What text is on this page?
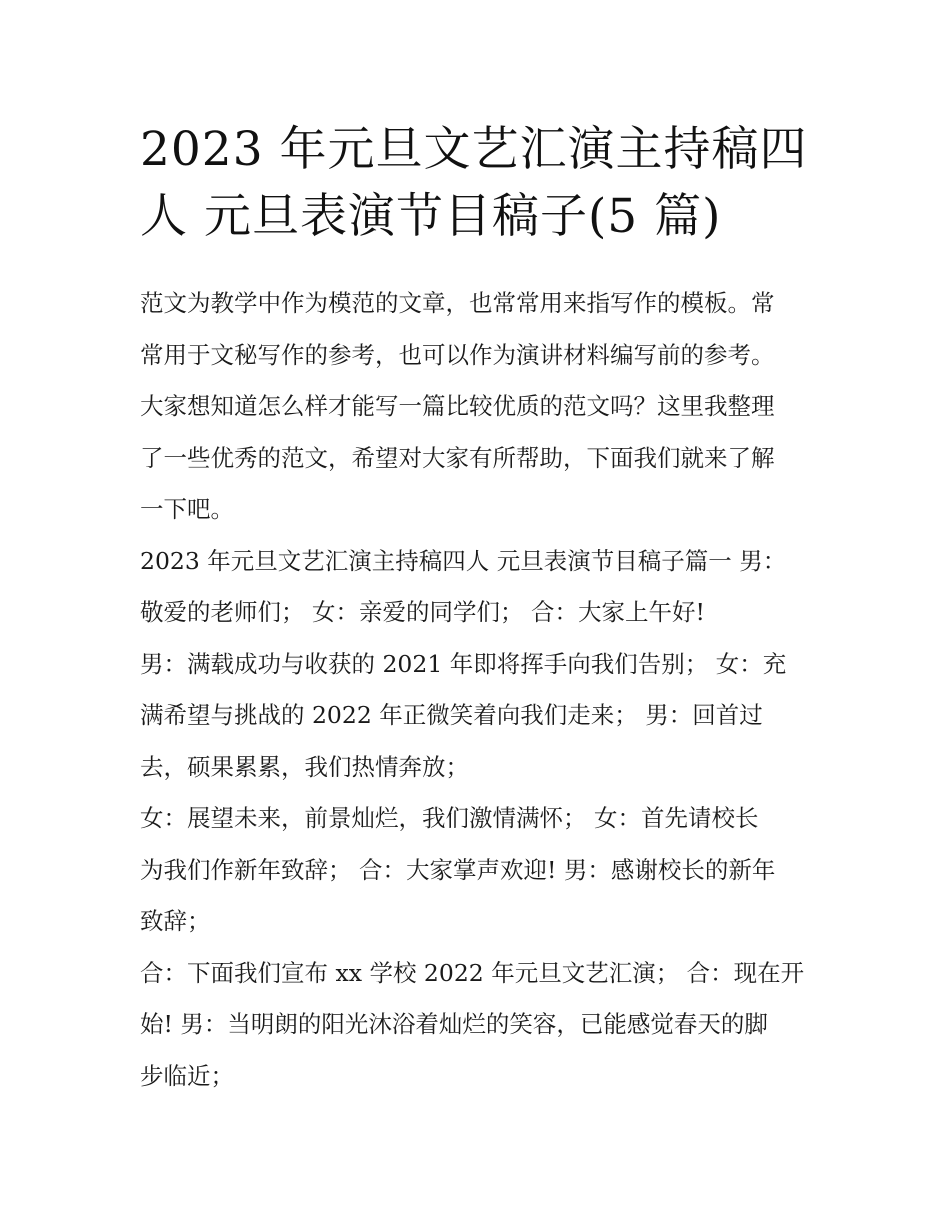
2023 年元旦文艺汇演主持稿四
人 元旦表演节目稿子(5 篇)
范文为教学中作为模范的文章，也常常用来指写作的模板。常
常用于文秘写作的参考，也可以作为演讲材料编写前的参考。
大家想知道怎么样才能写一篇比较优质的范文吗？这里我整理
了一些优秀的范文，希望对大家有所帮助，下面我们就来了解
一下吧。
2023 年元旦文艺汇演主持稿四人 元旦表演节目稿子篇一 男：
敬爱的老师们； 女：亲爱的同学们； 合：大家上午好!
男：满载成功与收获的 2021 年即将挥手向我们告别； 女：充
满希望与挑战的 2022 年正微笑着向我们走来； 男：回首过
去，硕果累累，我们热情奔放；
女：展望未来，前景灿烂，我们激情满怀； 女：首先请校长
为我们作新年致辞； 合：大家掌声欢迎! 男：感谢校长的新年
致辞；
合：下面我们宣布 xx 学校 2022 年元旦文艺汇演； 合：现在开
始! 男：当明朗的阳光沐浴着灿烂的笑容，已能感觉春天的脚
步临近；
